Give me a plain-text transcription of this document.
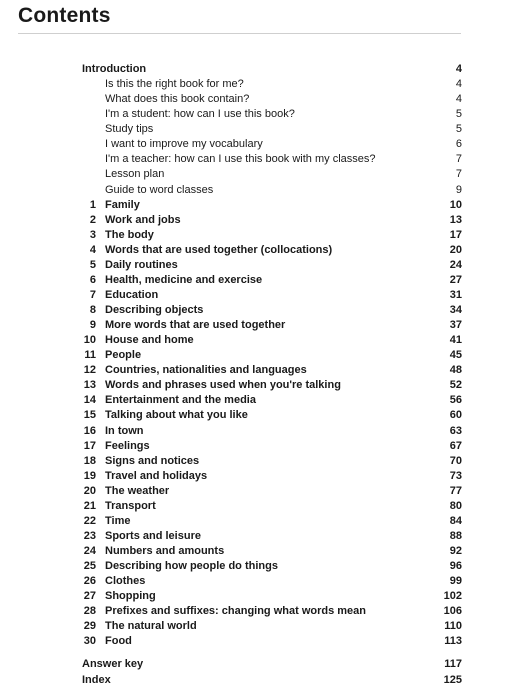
Contents
Introduction	4
Is this the right book for me?	4
What does this book contain?	4
I'm a student: how can I use this book?	5
Study tips	5
I want to improve my vocabulary	6
I'm a teacher: how can I use this book with my classes?	7
Lesson plan	7
Guide to word classes	9
1 Family	10
2 Work and jobs	13
3 The body	17
4 Words that are used together (collocations)	20
5 Daily routines	24
6 Health, medicine and exercise	27
7 Education	31
8 Describing objects	34
9 More words that are used together	37
10 House and home	41
11 People	45
12 Countries, nationalities and languages	48
13 Words and phrases used when you're talking	52
14 Entertainment and the media	56
15 Talking about what you like	60
16 In town	63
17 Feelings	67
18 Signs and notices	70
19 Travel and holidays	73
20 The weather	77
21 Transport	80
22 Time	84
23 Sports and leisure	88
24 Numbers and amounts	92
25 Describing how people do things	96
26 Clothes	99
27 Shopping	102
28 Prefixes and suffixes: changing what words mean	106
29 The natural world	110
30 Food	113
Answer key	117
Index	125
